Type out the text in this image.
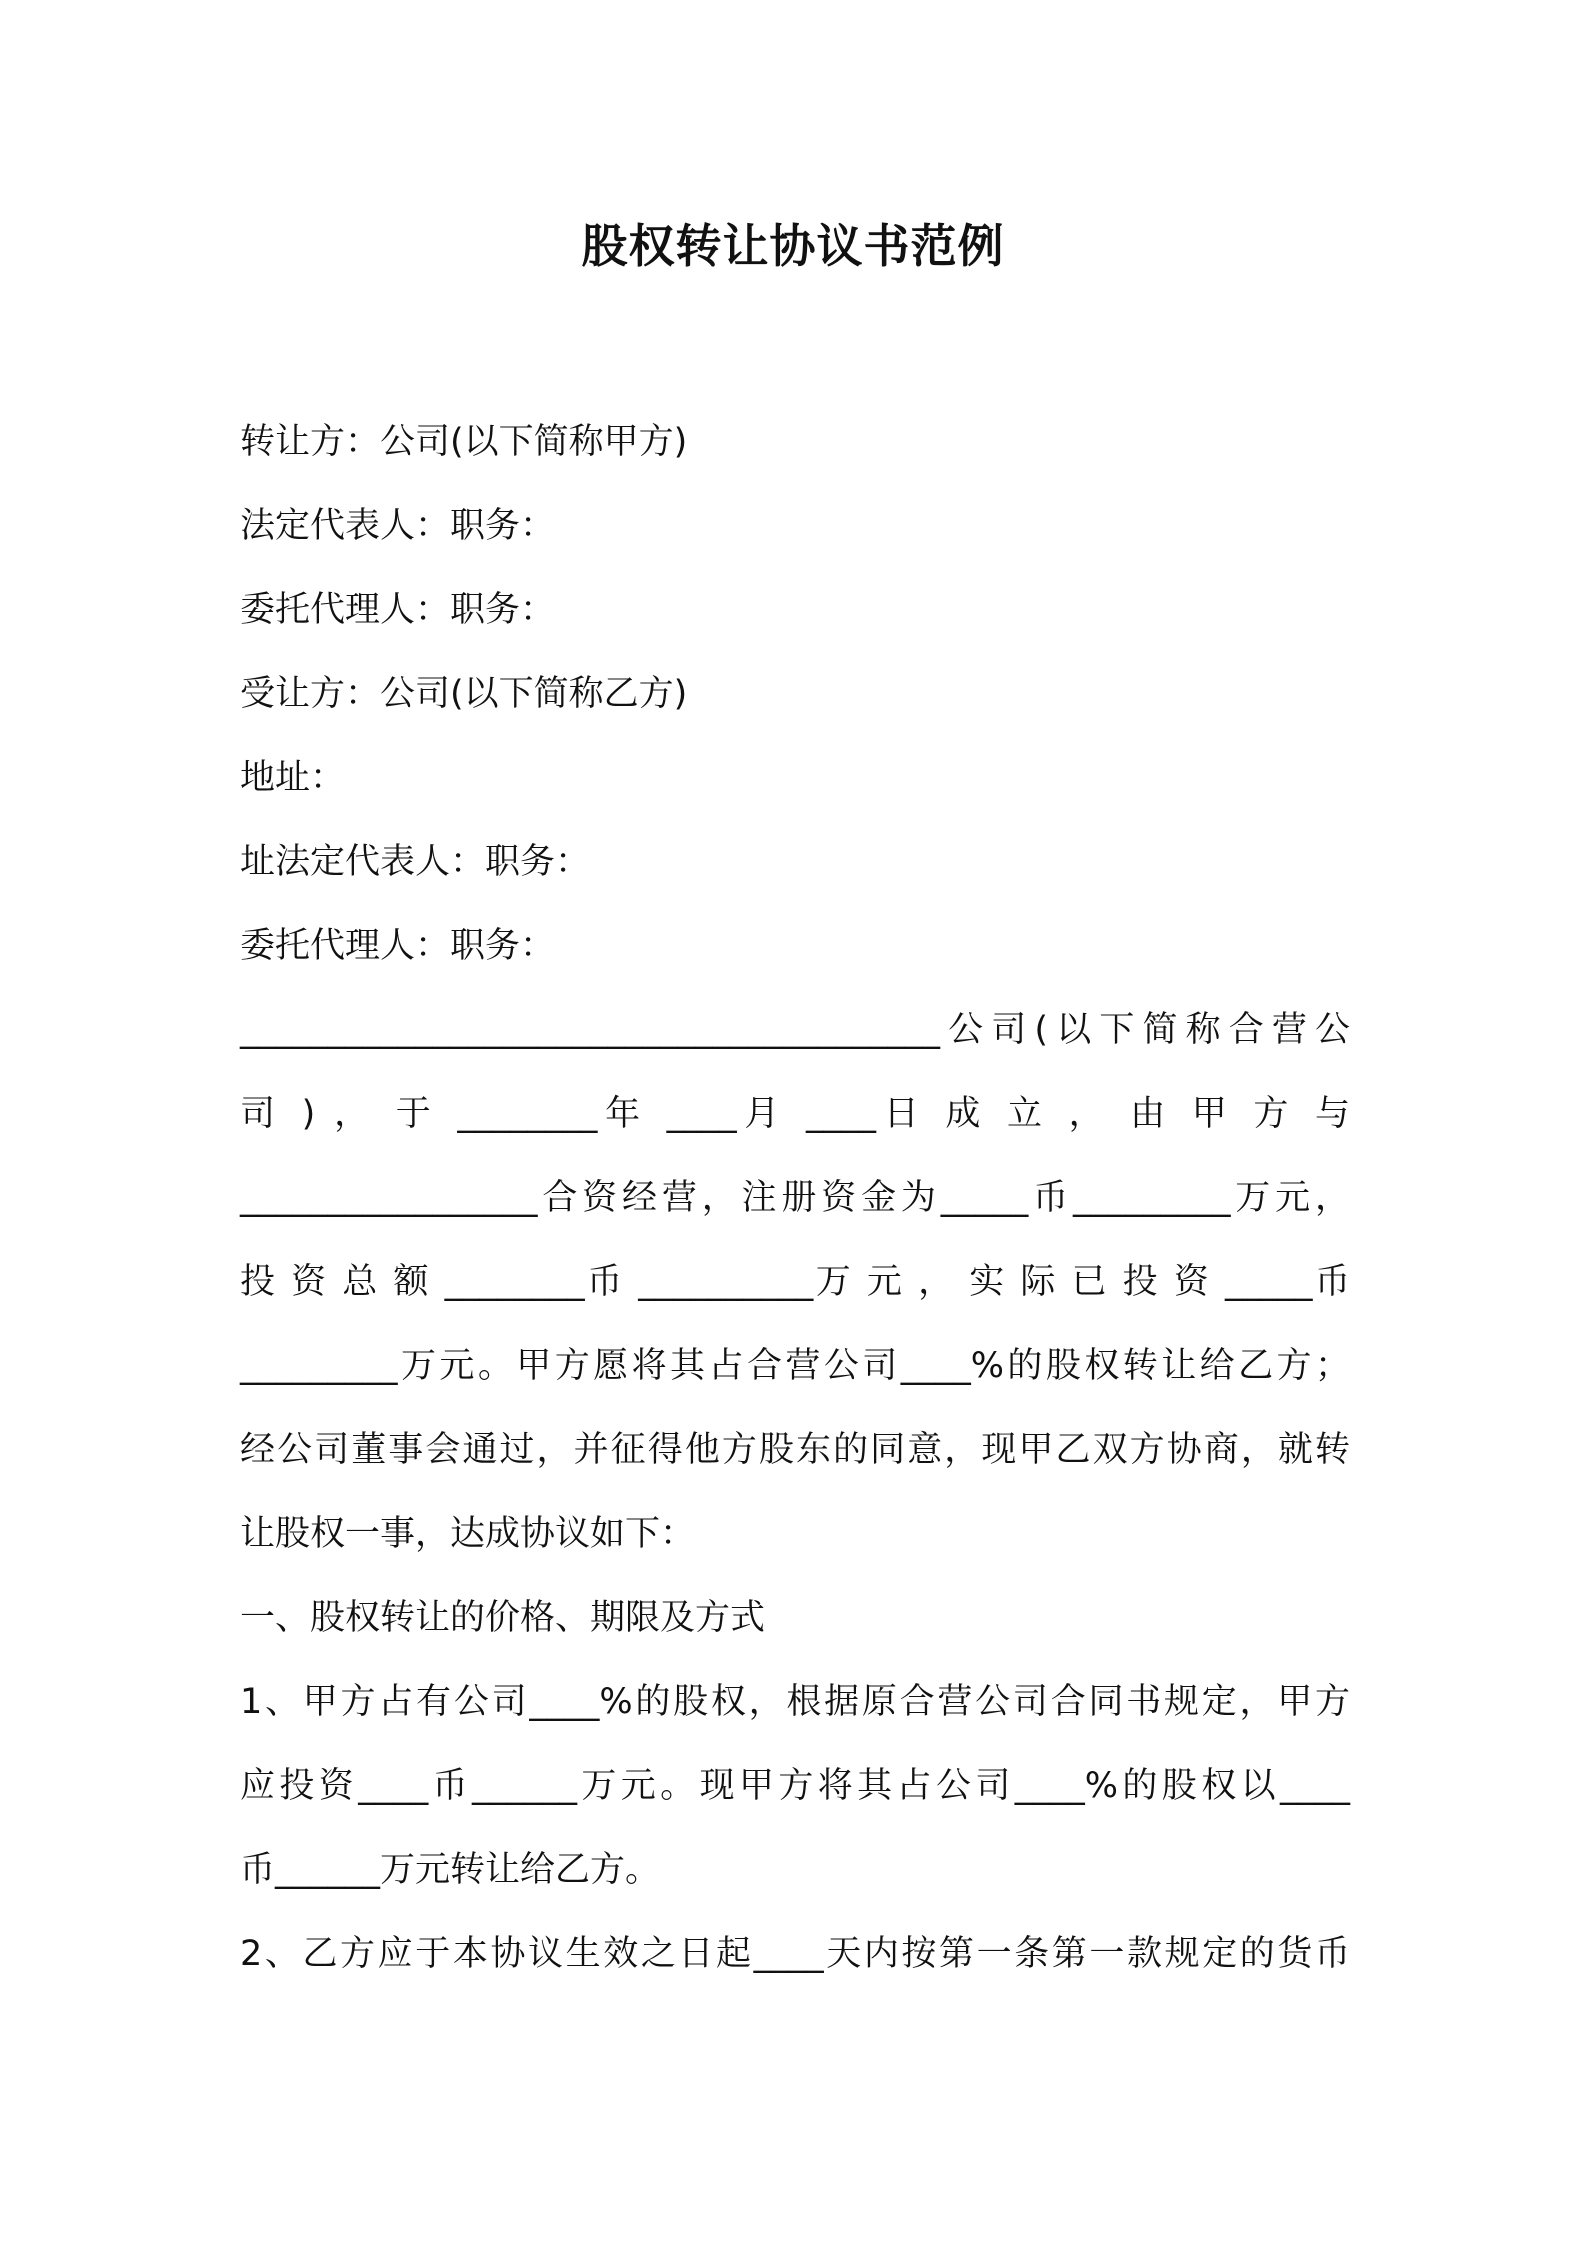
股权转让协议书范例
转让方：公司(以下简称甲方)
法定代表人：职务：
委托代理人：职务：
受让方：公司(以下简称乙方)
地址：
址法定代表人：职务：
委托代理人：职务：
________________________________________公司(以下简称合营公
司 ) ， 于 ________年 ____月 ____日 成 立 ， 由 甲 方 与
_________________合资经营，注册资金为_____币_________万元，
投 资 总 额 ________币 __________万 元 ， 实 际 已 投 资 _____币
_________万元。甲方愿将其占合营公司____%的股权转让给乙方；
经公司董事会通过，并征得他方股东的同意，现甲乙双方协商，就转
让股权一事，达成协议如下：
一、股权转让的价格、期限及方式
1、甲方占有公司____%的股权，根据原合营公司合同书规定，甲方
应投资____币______万元。现甲方将其占公司____%的股权以____
币______万元转让给乙方。
2、乙方应于本协议生效之日起____天内按第一条第一款规定的货币
